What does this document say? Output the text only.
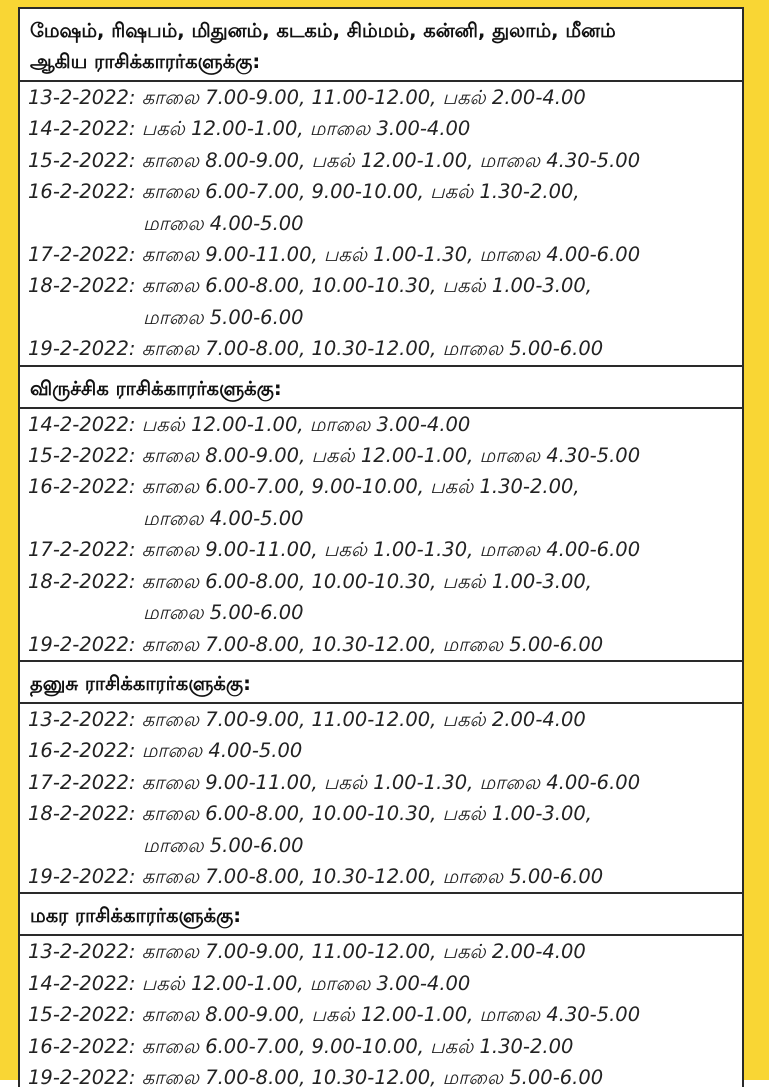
மேஷம், ரிஷபம், மிதுனம், கடகம், சிம்மம், கன்னி, துலாம், மீனம்
ஆகிய ராசிக்காரர்களுக்கு:
13-2-2022: காலை 7.00-9.00, 11.00-12.00, பகல் 2.00-4.00
14-2-2022: பகல் 12.00-1.00, மாலை 3.00-4.00
15-2-2022: காலை 8.00-9.00, பகல் 12.00-1.00, மாலை 4.30-5.00
16-2-2022: காலை 6.00-7.00, 9.00-10.00, பகல் 1.30-2.00,
மாலை 4.00-5.00
17-2-2022: காலை 9.00-11.00, பகல் 1.00-1.30, மாலை 4.00-6.00
18-2-2022: காலை 6.00-8.00, 10.00-10.30, பகல் 1.00-3.00,
மாலை 5.00-6.00
19-2-2022: காலை 7.00-8.00, 10.30-12.00, மாலை 5.00-6.00
விருச்சிக ராசிக்காரர்களுக்கு:
14-2-2022: பகல் 12.00-1.00, மாலை 3.00-4.00
15-2-2022: காலை 8.00-9.00, பகல் 12.00-1.00, மாலை 4.30-5.00
16-2-2022: காலை 6.00-7.00, 9.00-10.00, பகல் 1.30-2.00,
மாலை 4.00-5.00
17-2-2022: காலை 9.00-11.00, பகல் 1.00-1.30, மாலை 4.00-6.00
18-2-2022: காலை 6.00-8.00, 10.00-10.30, பகல் 1.00-3.00,
மாலை 5.00-6.00
19-2-2022: காலை 7.00-8.00, 10.30-12.00, மாலை 5.00-6.00
தனுசு ராசிக்காரர்களுக்கு:
13-2-2022: காலை 7.00-9.00, 11.00-12.00, பகல் 2.00-4.00
16-2-2022: மாலை 4.00-5.00
17-2-2022: காலை 9.00-11.00, பகல் 1.00-1.30, மாலை 4.00-6.00
18-2-2022: காலை 6.00-8.00, 10.00-10.30, பகல் 1.00-3.00,
மாலை 5.00-6.00
19-2-2022: காலை 7.00-8.00, 10.30-12.00, மாலை 5.00-6.00
மகர ராசிக்காரர்களுக்கு:
13-2-2022: காலை 7.00-9.00, 11.00-12.00, பகல் 2.00-4.00
14-2-2022: பகல் 12.00-1.00, மாலை 3.00-4.00
15-2-2022: காலை 8.00-9.00, பகல் 12.00-1.00, மாலை 4.30-5.00
16-2-2022: காலை 6.00-7.00, 9.00-10.00, பகல் 1.30-2.00
19-2-2022: காலை 7.00-8.00, 10.30-12.00, மாலை 5.00-6.00
